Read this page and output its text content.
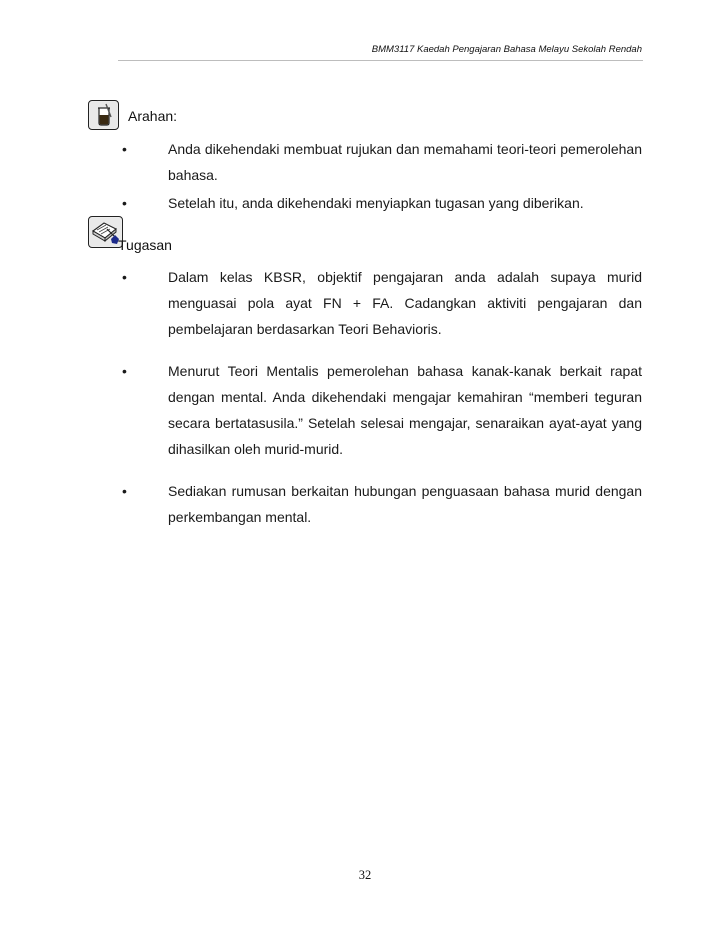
BMM3117 Kaedah Pengajaran Bahasa Melayu Sekolah Rendah
Arahan:
•	Anda dikehendaki membuat rujukan dan memahami teori-teori pemerolehan bahasa.
•	Setelah itu, anda dikehendaki menyiapkan tugasan yang diberikan.
Tugasan
•	Dalam kelas KBSR, objektif pengajaran anda adalah supaya murid menguasai pola ayat FN + FA. Cadangkan aktiviti pengajaran dan pembelajaran berdasarkan Teori Behavioris.
•	Menurut Teori Mentalis pemerolehan bahasa kanak-kanak berkait rapat dengan mental. Anda dikehendaki mengajar kemahiran “memberi teguran secara bertatasusila.” Setelah selesai mengajar, senaraikan ayat-ayat yang dihasilkan oleh murid-murid.
•	Sediakan rumusan berkaitan hubungan penguasaan bahasa murid dengan perkembangan mental.
32
